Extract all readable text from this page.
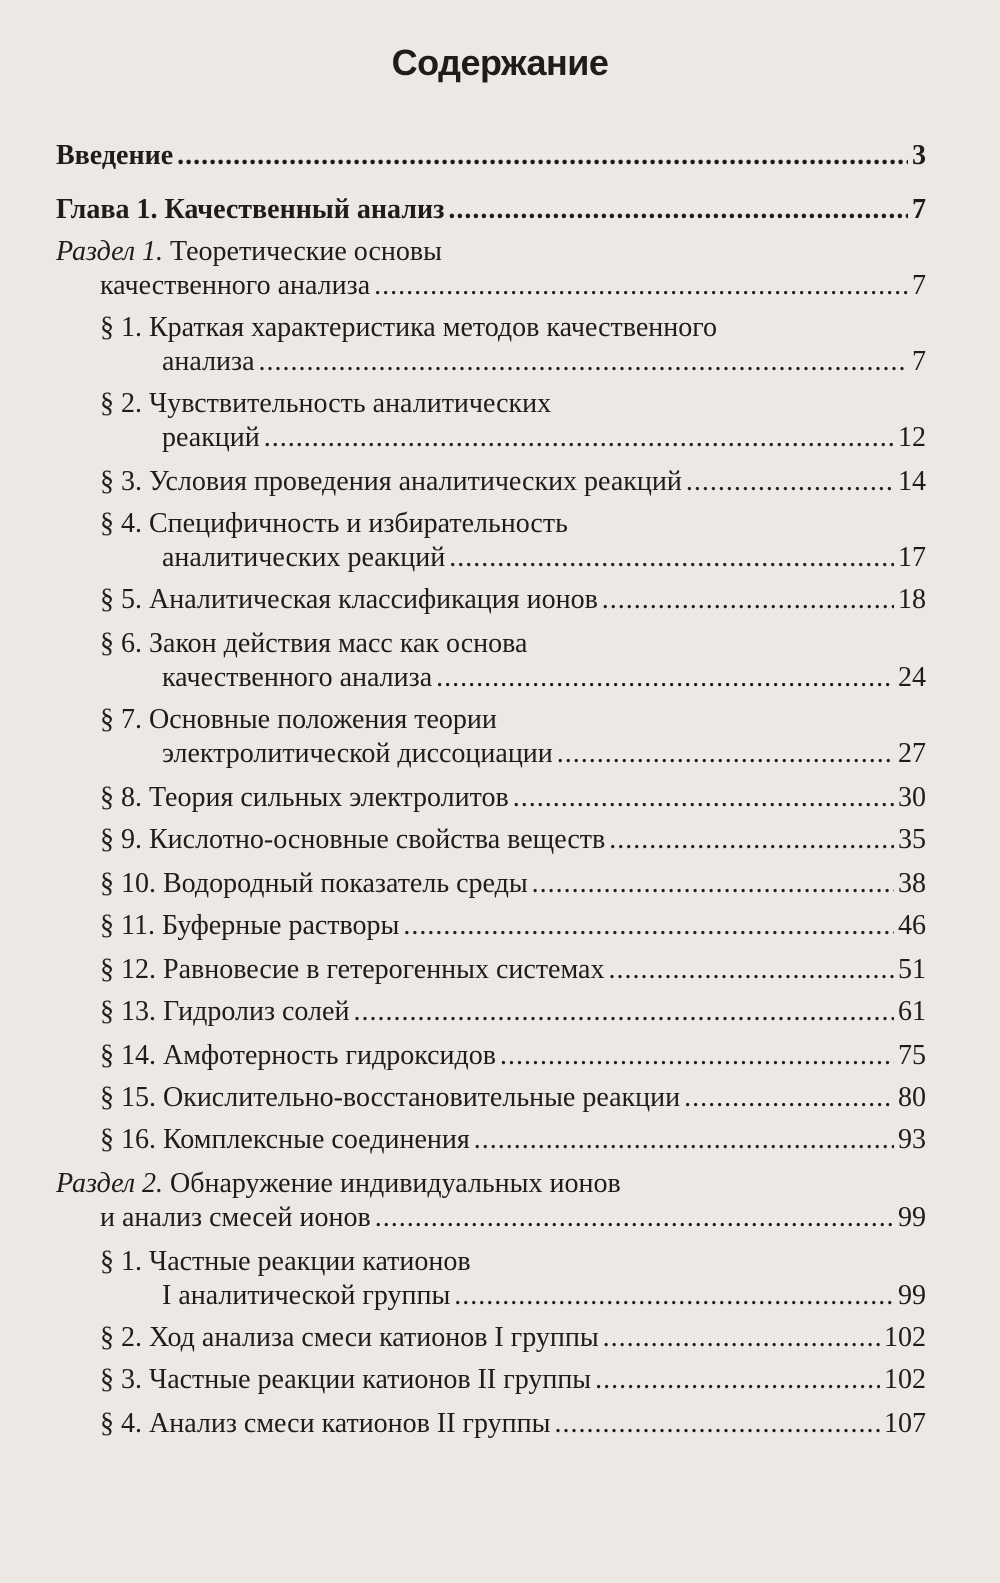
Содержание
Введение . . .	3
Глава 1. Качественный анализ . . .	7
Раздел 1. Теоретические основы
качественного анализа . . .	7
§ 1. Краткая характеристика методов качественного
анализа . . .	7
§ 2. Чувствительность аналитических
реакций . . .	12
§ 3. Условия проведения аналитических реакций . . .	14
§ 4. Специфичность и избирательность
аналитических реакций . . .	17
§ 5. Аналитическая классификация ионов . . .	18
§ 6. Закон действия масс как основа
качественного анализа . . .	24
§ 7. Основные положения теории
электролитической диссоциации . . .	27
§ 8. Теория сильных электролитов . . .	30
§ 9. Кислотно-основные свойства веществ . . .	35
§ 10. Водородный показатель среды . . .	38
§ 11. Буферные растворы . . .	46
§ 12. Равновесие в гетерогенных системах . . .	51
§ 13. Гидролиз солей . . .	61
§ 14. Амфотерность гидроксидов . . .	75
§ 15. Окислительно-восстановительные реакции . . .	80
§ 16. Комплексные соединения . . .	93
Раздел 2. Обнаружение индивидуальных ионов
и анализ смесей ионов . . .	99
§ 1. Частные реакции катионов
I аналитической группы . . .	99
§ 2. Ход анализа смеси катионов I группы . . .	102
§ 3. Частные реакции катионов II группы . . .	102
§ 4. Анализ смеси катионов II группы . . .	107
